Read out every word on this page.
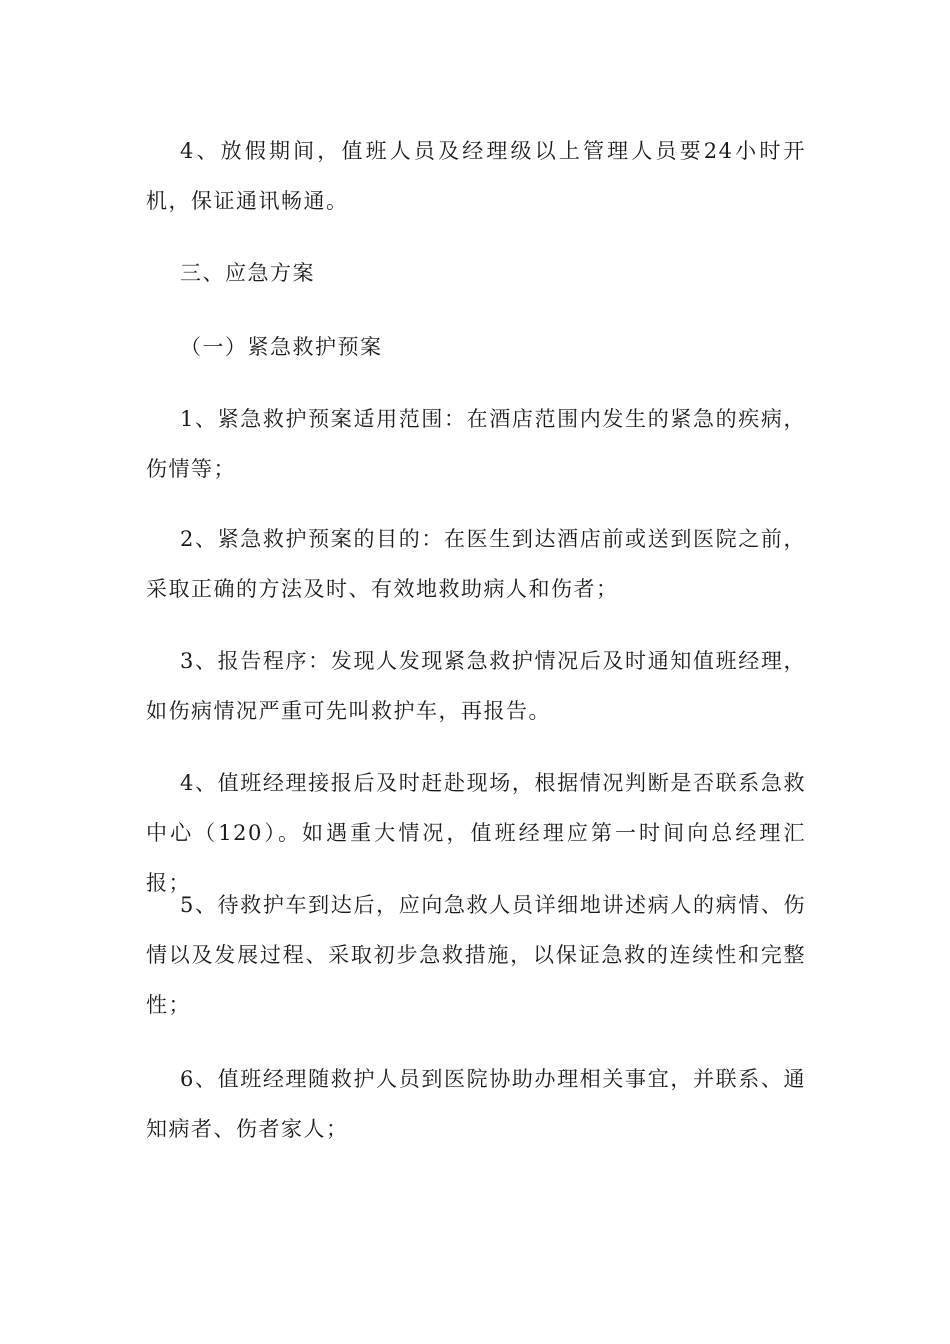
4、放假期间，值班人员及经理级以上管理人员要24小时开机，保证通讯畅通。

三、应急方案

（一）紧急救护预案

1、紧急救护预案适用范围：在酒店范围内发生的紧急的疾病，伤情等；

2、紧急救护预案的目的：在医生到达酒店前或送到医院之前，采取正确的方法及时、有效地救助病人和伤者；

3、报告程序：发现人发现紧急救护情况后及时通知值班经理，如伤病情况严重可先叫救护车，再报告。

4、值班经理接报后及时赶赴现场，根据情况判断是否联系急救中心（120）。如遇重大情况，值班经理应第一时间向总经理汇报；

5、待救护车到达后，应向急救人员详细地讲述病人的病情、伤情以及发展过程、采取初步急救措施，以保证急救的连续性和完整性；

6、值班经理随救护人员到医院协助办理相关事宜，并联系、通知病者、伤者家人；
